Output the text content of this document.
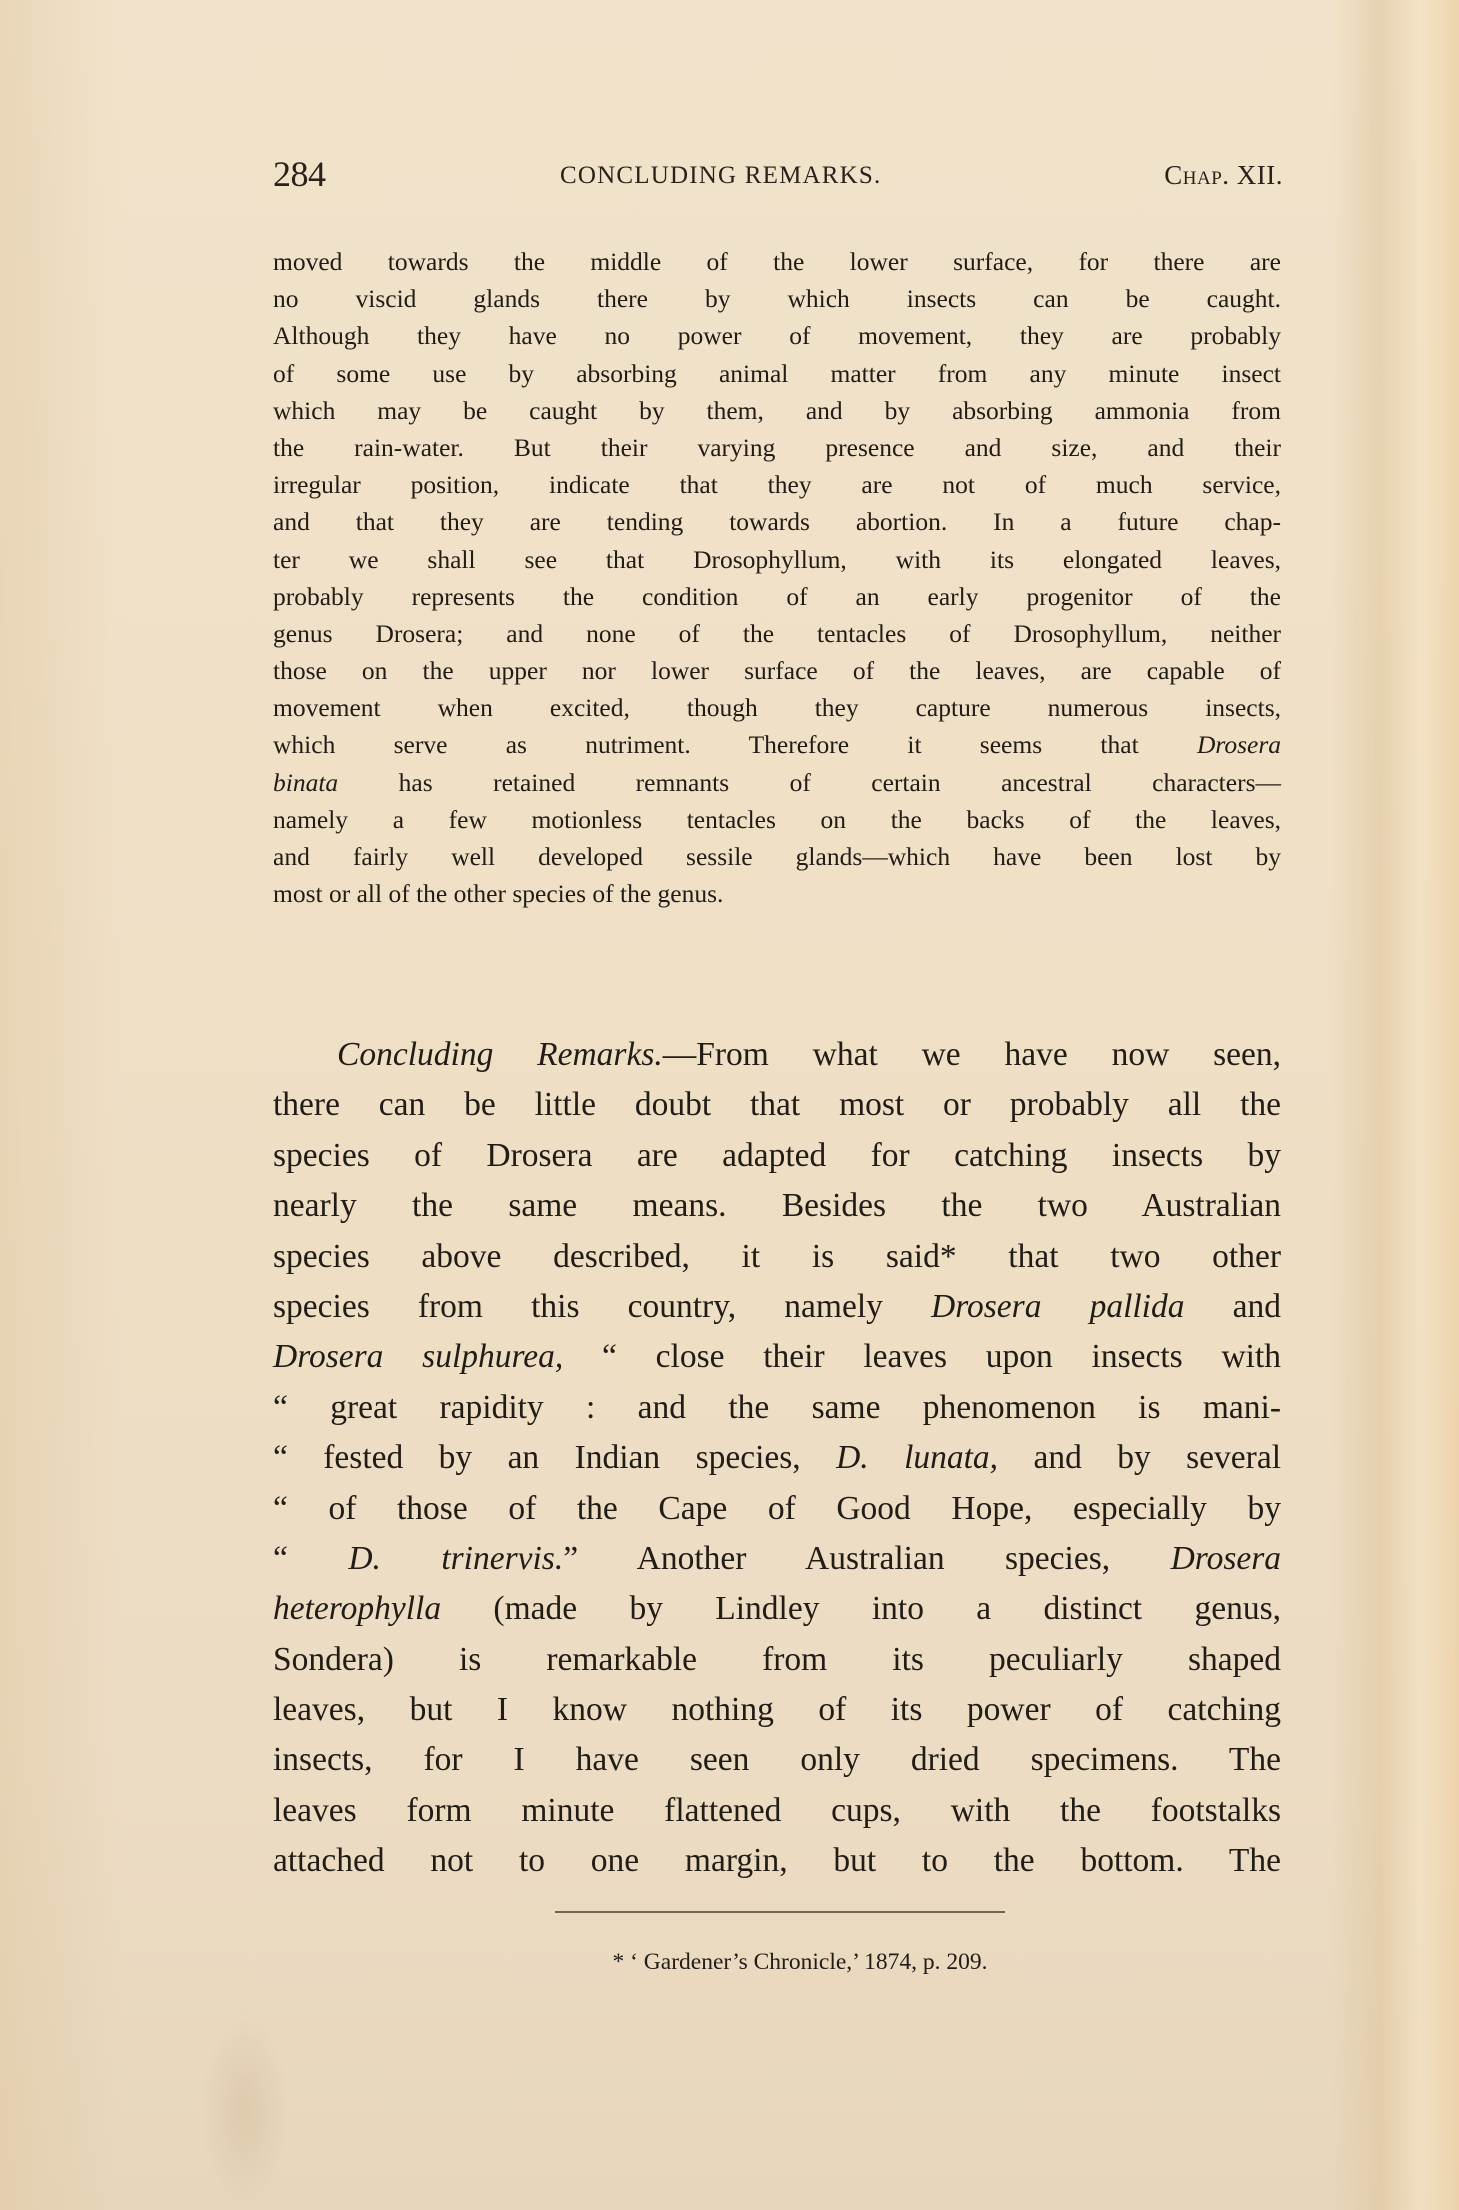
284	CONCLUDING REMARKS.	Chap. XII.
moved towards the middle of the lower surface, for there are
no viscid glands there by which insects can be caught.
Although they have no power of movement, they are probably
of some use by absorbing animal matter from any minute insect
which may be caught by them, and by absorbing ammonia from
the rain-water. But their varying presence and size, and their
irregular position, indicate that they are not of much service,
and that they are tending towards abortion. In a future chap-
ter we shall see that Drosophyllum, with its elongated leaves,
probably represents the condition of an early progenitor of the
genus Drosera; and none of the tentacles of Drosophyllum, neither
those on the upper nor lower surface of the leaves, are capable of
movement when excited, though they capture numerous insects,
which serve as nutriment. Therefore it seems that Drosera
binata has retained remnants of certain ancestral characters—
namely a few motionless tentacles on the backs of the leaves,
and fairly well developed sessile glands—which have been lost by
most or all of the other species of the genus.
Concluding Remarks.—From what we have now seen,
there can be little doubt that most or probably all the
species of Drosera are adapted for catching insects by
nearly the same means. Besides the two Australian
species above described, it is said* that two other
species from this country, namely Drosera pallida and
Drosera sulphurea, “ close their leaves upon insects with
“ great rapidity : and the same phenomenon is mani-
“ fested by an Indian species, D. lunata, and by several
“ of those of the Cape of Good Hope, especially by
“ D. trinervis.” Another Australian species, Drosera
heterophylla (made by Lindley into a distinct genus,
Sondera) is remarkable from its peculiarly shaped
leaves, but I know nothing of its power of catching
insects, for I have seen only dried specimens. The
leaves form minute flattened cups, with the footstalks
attached not to one margin, but to the bottom. The
* ‘ Gardener’s Chronicle,’ 1874, p. 209.
